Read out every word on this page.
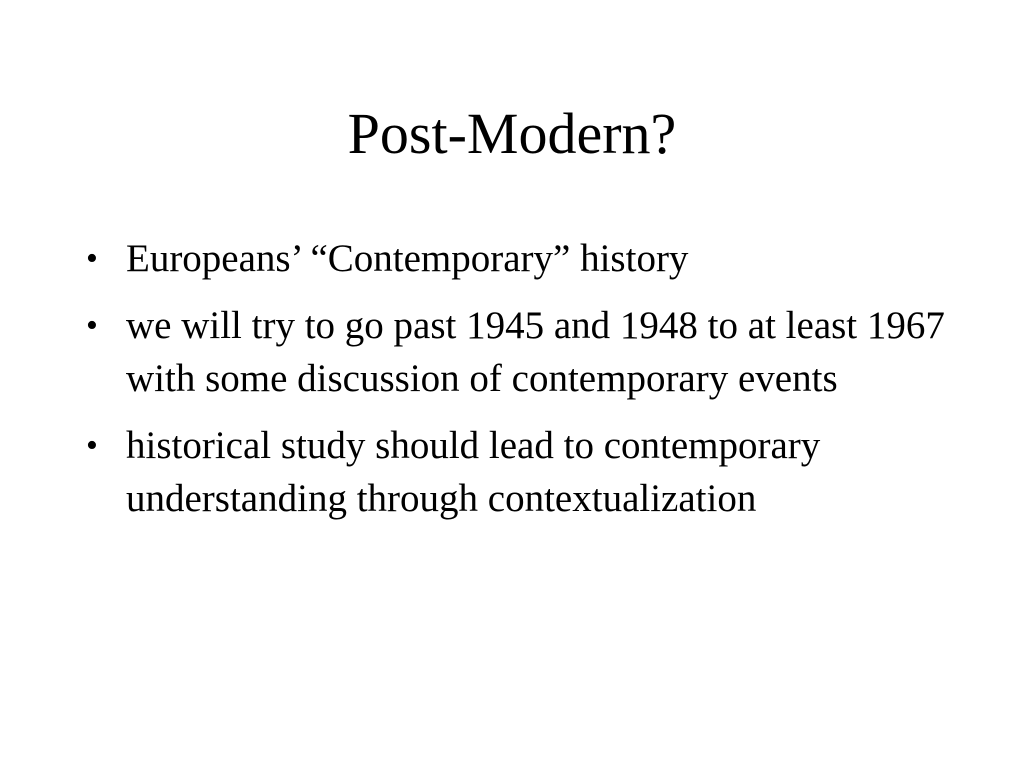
Post-Modern?
• Europeans’ “Contemporary” history
• we will try to go past 1945 and 1948 to at least 1967 with some discussion of contemporary events
• historical study should lead to contemporary understanding through contextualization
